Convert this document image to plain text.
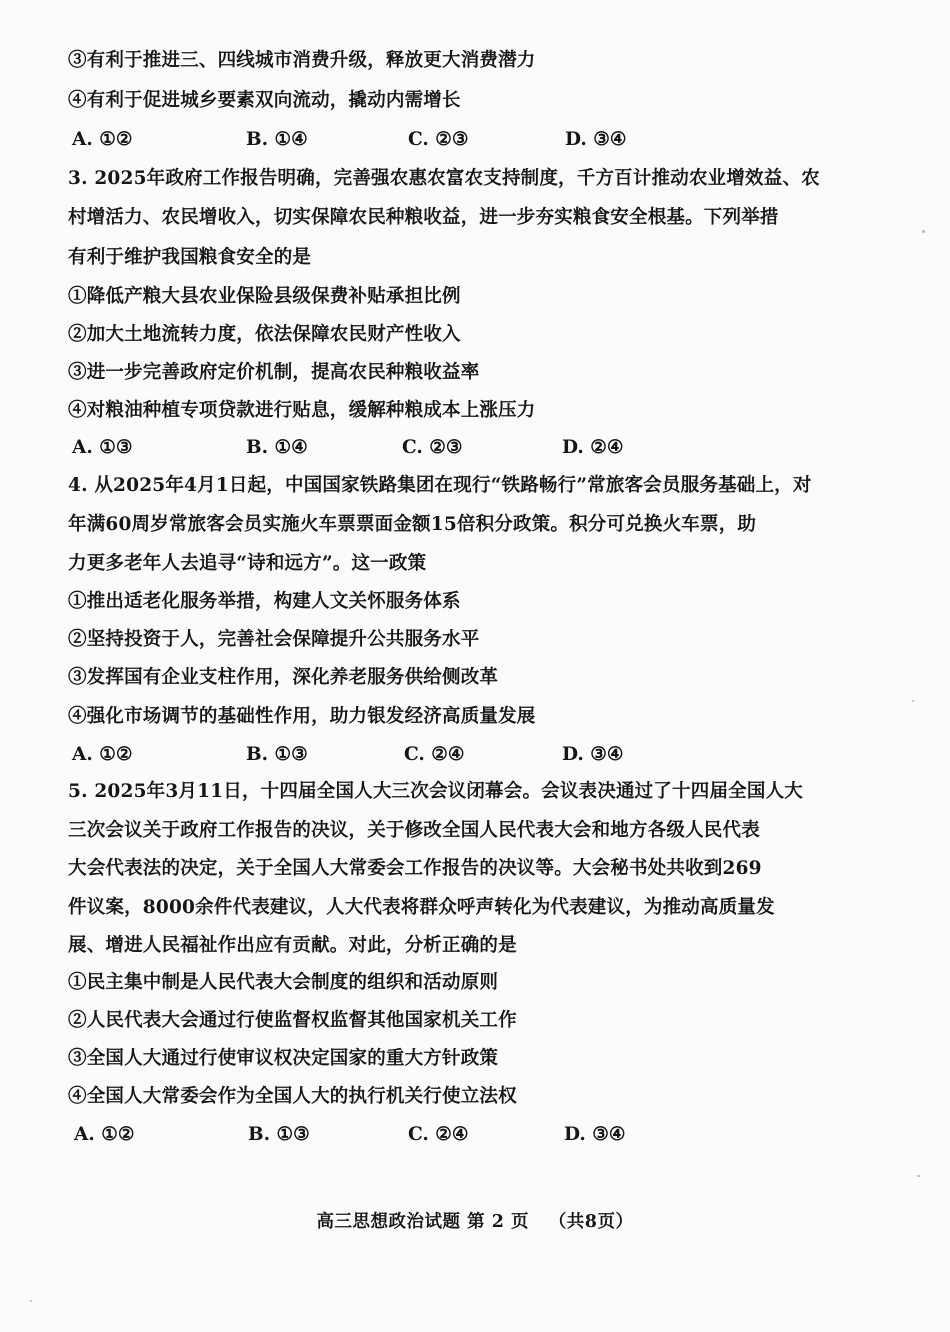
③有利于推进三、四线城市消费升级，释放更大消费潜力
④有利于促进城乡要素双向流动，撬动内需增长
A. ①②	B. ①④	C. ②③	D. ③④
3. 2025年政府工作报告明确，完善强农惠农富农支持制度，千方百计推动农业增效益、农
村增活力、农民增收入，切实保障农民种粮收益，进一步夯实粮食安全根基。下列举措
有利于维护我国粮食安全的是
①降低产粮大县农业保险县级保费补贴承担比例
②加大土地流转力度，依法保障农民财产性收入
③进一步完善政府定价机制，提高农民种粮收益率
④对粮油种植专项贷款进行贴息，缓解种粮成本上涨压力
A. ①③	B. ①④	C. ②③	D. ②④
4. 从2025年4月1日起，中国国家铁路集团在现行“铁路畅行”常旅客会员服务基础上，对
年满60周岁常旅客会员实施火车票票面金额15倍积分政策。积分可兑换火车票，助
力更多老年人去追寻“诗和远方”。这一政策
①推出适老化服务举措，构建人文关怀服务体系
②坚持投资于人，完善社会保障提升公共服务水平
③发挥国有企业支柱作用，深化养老服务供给侧改革
④强化市场调节的基础性作用，助力银发经济高质量发展
A. ①②	B. ①③	C. ②④	D. ③④
5. 2025年3月11日，十四届全国人大三次会议闭幕会。会议表决通过了十四届全国人大
三次会议关于政府工作报告的决议，关于修改全国人民代表大会和地方各级人民代表
大会代表法的决定，关于全国人大常委会工作报告的决议等。大会秘书处共收到269
件议案，8000余件代表建议，人大代表将群众呼声转化为代表建议，为推动高质量发
展、增进人民福祉作出应有贡献。对此，分析正确的是
①民主集中制是人民代表大会制度的组织和活动原则
②人民代表大会通过行使监督权监督其他国家机关工作
③全国人大通过行使审议权决定国家的重大方针政策
④全国人大常委会作为全国人大的执行机关行使立法权
A. ①②	B. ①③	C. ②④	D. ③④
高三思想政治试题 第 2 页 （共8页）
